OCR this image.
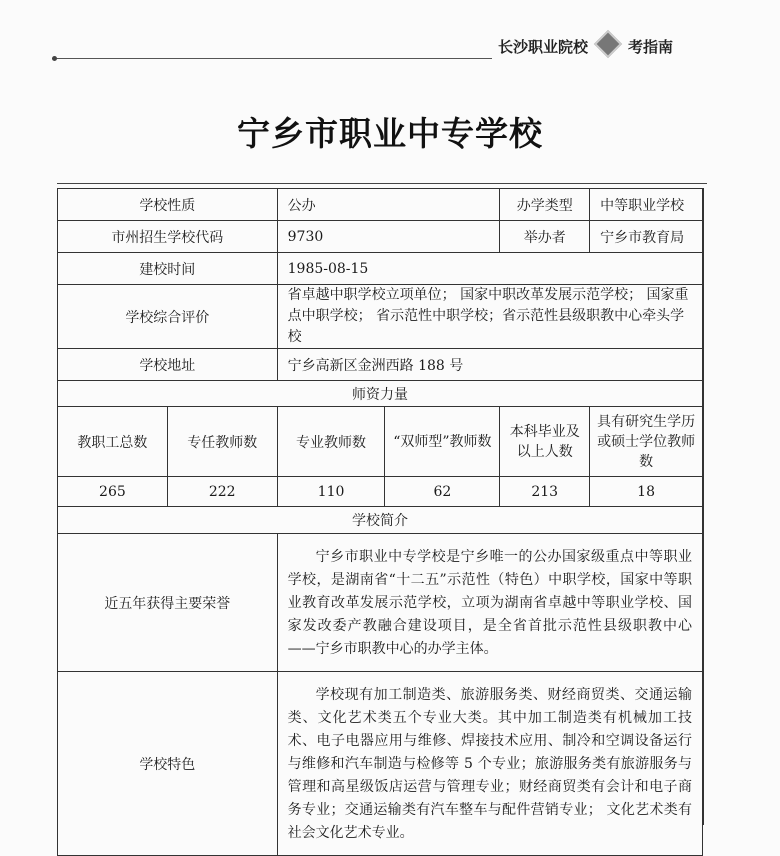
长沙职业院校	考指南
宁乡市职业中专学校
学校性质		公办		办学类型	中等职业学校
市州招生学校代码		9730		举办者	宁乡市教育局
建校时间		1985-08-15			
学校综合评价		省卓越中职学校立项单位； 国家中职改革发展示范学校； 国家重点中职学校； 省示范性中职学校；省示范性县级职教中心牵头学校			
学校地址		宁乡高新区金洲西路 188 号			
师资力量					
教职工总数	专任教师数	专业教师数	“双师型”教师数	本科毕业及以上人数	具有研究生学历或硕士学位教师数
265	222	110	62	213	18
学校简介					
近五年获得主要荣誉		宁乡市职业中专学校是宁乡唯一的公办国家级重点中等职业学校，是湖南省“十二五”示范性（特色）中职学校，国家中等职业教育改革发展示范学校，立项为湖南省卓越中等职业学校、国家发改委产教融合建设项目，是全省首批示范性县级职教中心——宁乡市职教中心的办学主体。			
学校特色		学校现有加工制造类、旅游服务类、财经商贸类、交通运输类、文化艺术类五个专业大类。其中加工制造类有机械加工技术、电子电器应用与维修、焊接技术应用、制冷和空调设备运行与维修和汽车制造与检修等 5 个专业；旅游服务类有旅游服务与管理和高星级饭店运营与管理专业；财经商贸类有会计和电子商务专业；交通运输类有汽车整车与配件营销专业； 文化艺术类有社会文化艺术专业。			
